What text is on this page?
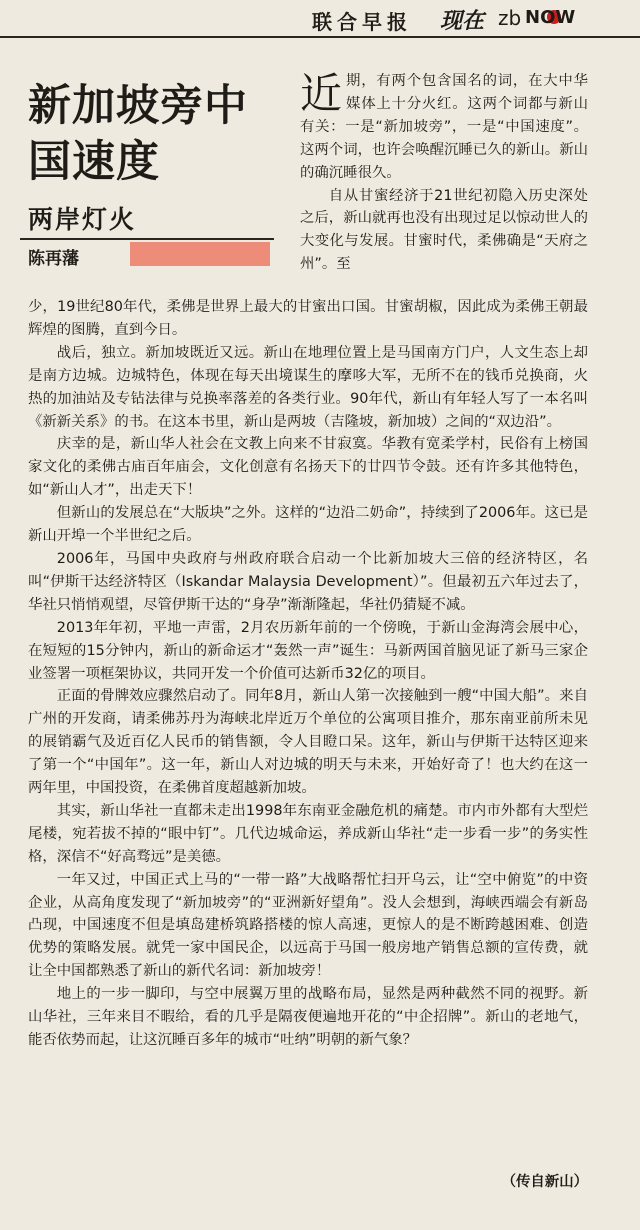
联合早报 现在 zb NOW
新加坡旁中国速度
两岸灯火
陈再藩
近 期，有两个包含国名的词，在大中华媒体上十分火红。这两个词都与新山有关：一是“新加坡旁”，一是“中国速度”。这两个词，也许会唤醒沉睡已久的新山。新山的确沉睡很久。

自从甘蜜经济于21世纪初隐入历史深处之后，新山就再也没有出现过足以惊动世人的大变化与发展。甘蜜时代，柔佛确是“天府之州”。至

少，19世纪80年代，柔佛是世界上最大的甘蜜出口国。甘蜜胡椒，因此成为柔佛王朝最辉煌的图腾，直到今日。

战后，独立。新加坡既近又远。新山在地理位置上是马国南方门户，人文生态上却是南方边城。边城特色，体现在每天出境谋生的摩哆大军，无所不在的钱币兑换商，火热的加油站及专钻法律与兑换率落差的各类行业。90年代，新山有年轻人写了一本名叫《新新关系》的书。在这本书里，新山是两坡（吉隆坡，新加坡）之间的“双边沿”。

庆幸的是，新山华人社会在文教上向来不甘寂寞。华教有宽柔学村，民俗有上榜国家文化的柔佛古庙百年庙会，文化创意有名扬天下的廿四节令鼓。还有许多其他特色，如“新山人才”，出走天下！

但新山的发展总在“大版块”之外。这样的“边沿二奶命”，持续到了2006年。这已是新山开埠一个半世纪之后。

2006年，马国中央政府与州政府联合启动一个比新加坡大三倍的经济特区，名叫“伊斯干达经济特区（Iskandar Malaysia Development）”。但最初五六年过去了，华社只悄悄观望，尽管伊斯干达的“身孕”渐渐隆起，华社仍猜疑不减。

2013年年初，平地一声雷，2月农历新年前的一个傍晚，于新山金海湾会展中心，在短短的15分钟内，新山的新命运才“轰然一声”诞生：马新两国首脑见证了新马三家企业签署一项框架协议，共同开发一个价值可达新币32亿的项目。

正面的骨牌效应骤然启动了。同年8月，新山人第一次接触到一艘“中国大船”。来自广州的开发商，请柔佛苏丹为海峡北岸近万个单位的公寓项目推介，那东南亚前所未见的展销霸气及近百亿人民币的销售额，令人目瞪口呆。这年，新山与伊斯干达特区迎来了第一个“中国年”。这一年，新山人对边城的明天与未来，开始好奇了！也大约在这一两年里，中国投资，在柔佛首度超越新加坡。

其实，新山华社一直都未走出1998年东南亚金融危机的痛楚。市内市外都有大型烂尾楼，宛若拔不掉的“眼中钉”。几代边城命运，养成新山华社“走一步看一步”的务实性格，深信不“好高骛远”是美德。

一年又过，中国正式上马的“一带一路”大战略帮忙扫开乌云，让“空中俯览”的中资企业，从高角度发现了“新加坡旁”的“亚洲新好望角”。没人会想到，海峡西端会有新岛凸现，中国速度不但是填岛建桥筑路搭楼的惊人高速，更惊人的是不断跨越困难、创造优势的策略发展。就凭一家中国民企，以远高于马国一般房地产销售总额的宣传费，就让全中国都熟悉了新山的新代名词：新加坡旁！

地上的一步一脚印，与空中展翼万里的战略布局，显然是两种截然不同的视野。新山华社，三年来目不暇给，看的几乎是隔夜便遍地开花的“中企招牌”。新山的老地气，能否依势而起，让这沉睡百多年的城市“吐纳”明朝的新气象？

（传自新山）
